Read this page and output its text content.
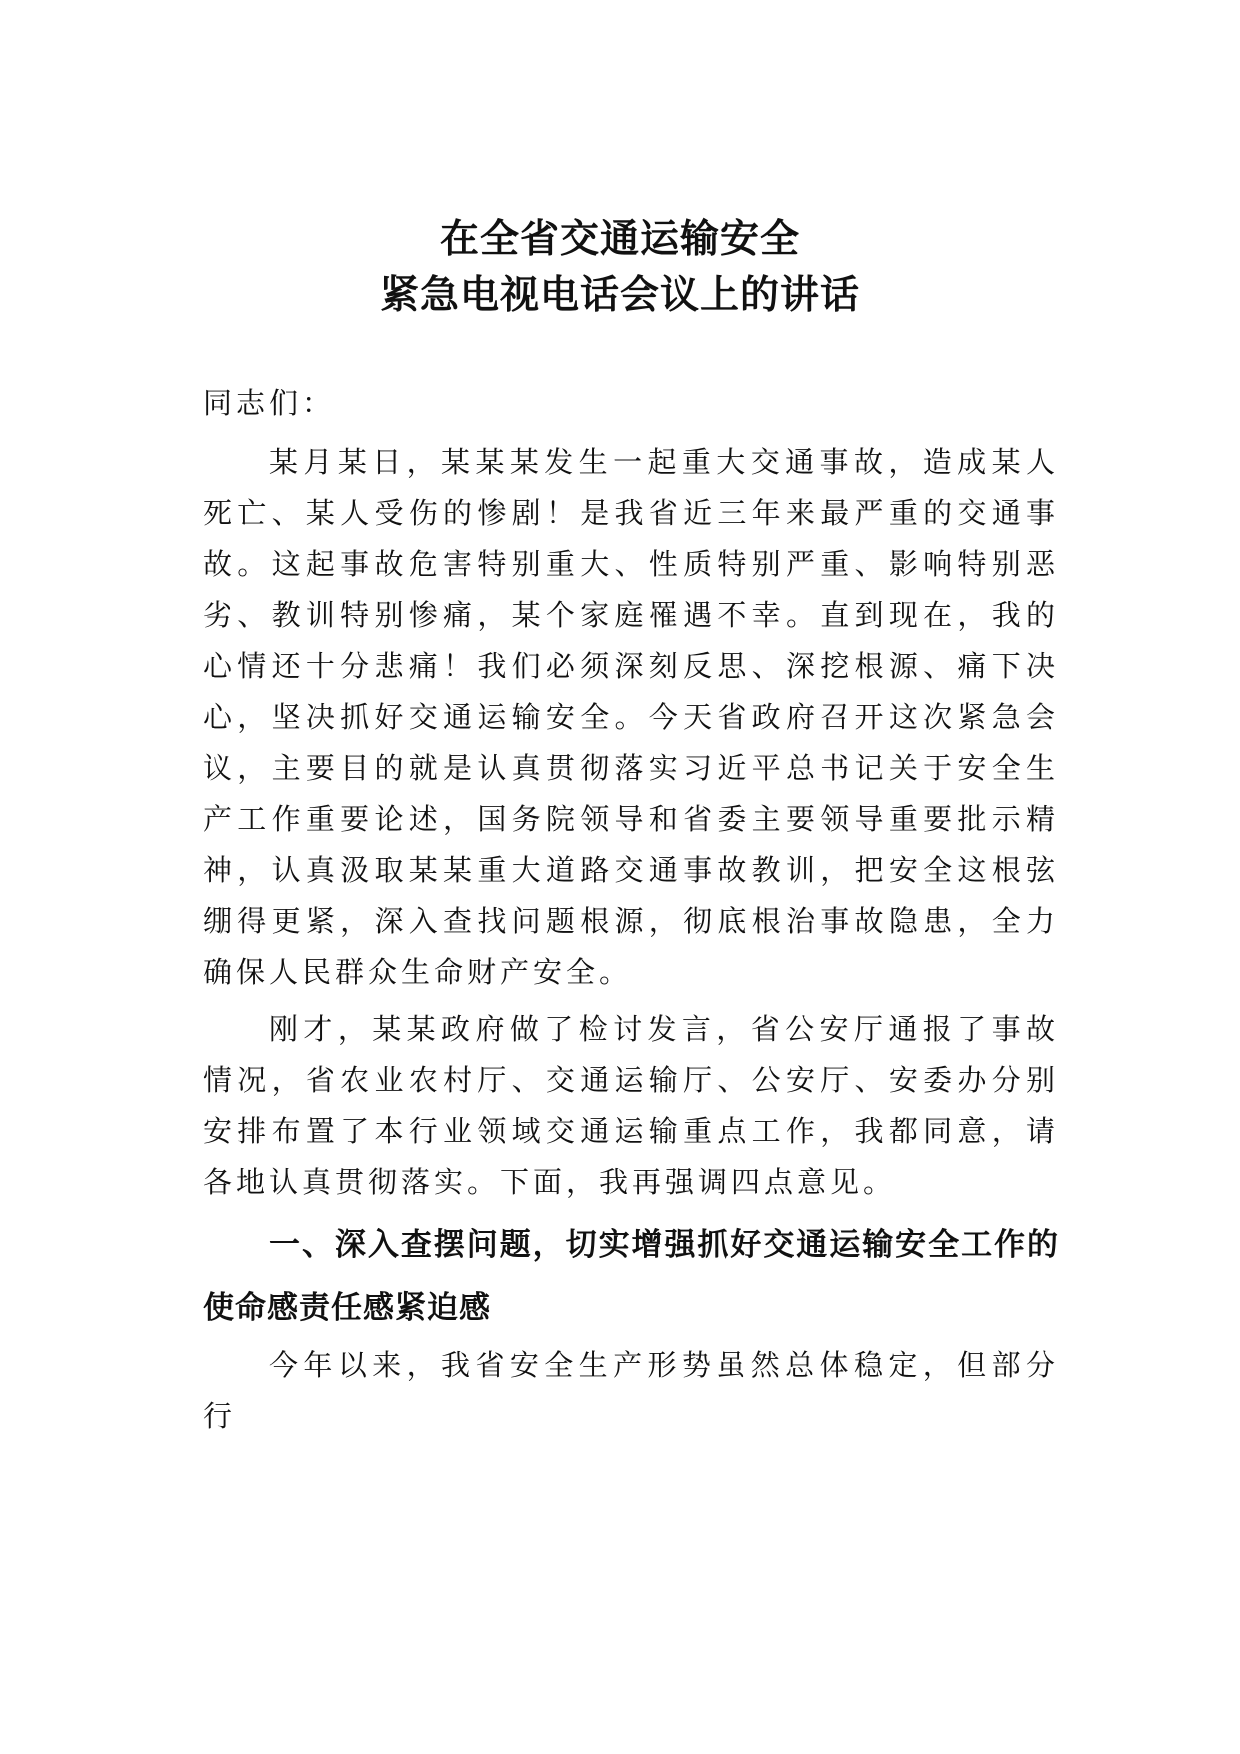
在全省交通运输安全
紧急电视电话会议上的讲话

同志们：

某月某日，某某某发生一起重大交通事故，造成某人死亡、某人受伤的惨剧！是我省近三年来最严重的交通事故。这起事故危害特别重大、性质特别严重、影响特别恶劣、教训特别惨痛，某个家庭罹遇不幸。直到现在，我的心情还十分悲痛！我们必须深刻反思、深挖根源、痛下决心，坚决抓好交通运输安全。今天省政府召开这次紧急会议，主要目的就是认真贯彻落实习近平总书记关于安全生产工作重要论述，国务院领导和省委主要领导重要批示精神，认真汲取某某重大道路交通事故教训，把安全这根弦绷得更紧，深入查找问题根源，彻底根治事故隐患，全力确保人民群众生命财产安全。

刚才，某某政府做了检讨发言，省公安厅通报了事故情况，省农业农村厅、交通运输厅、公安厅、安委办分别安排布置了本行业领域交通运输重点工作，我都同意，请各地认真贯彻落实。下面，我再强调四点意见。

一、深入查摆问题，切实增强抓好交通运输安全工作的使命感责任感紧迫感

今年以来，我省安全生产形势虽然总体稳定，但部分行
